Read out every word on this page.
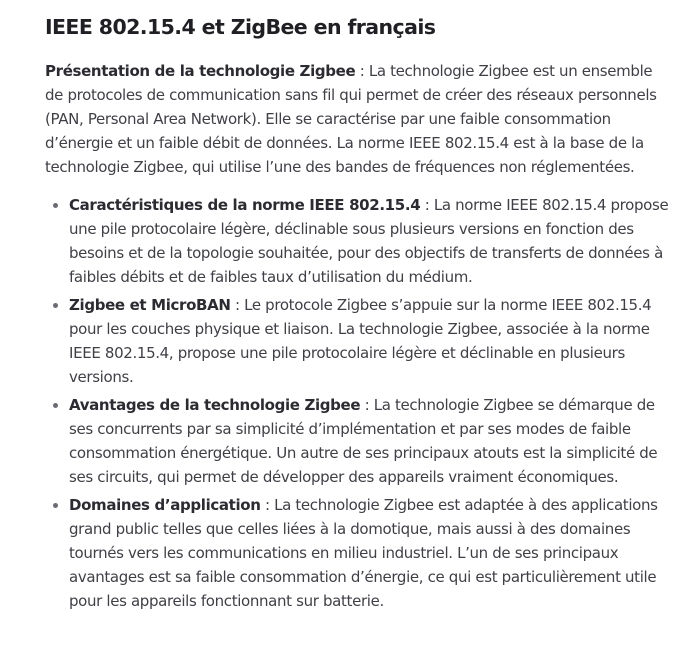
IEEE 802.15.4 et ZigBee en français

Présentation de la technologie Zigbee : La technologie Zigbee est un ensemble de protocoles de communication sans fil qui permet de créer des réseaux personnels (PAN, Personal Area Network). Elle se caractérise par une faible consommation d’énergie et un faible débit de données. La norme IEEE 802.15.4 est à la base de la technologie Zigbee, qui utilise l’une des bandes de fréquences non réglementées.

Caractéristiques de la norme IEEE 802.15.4 : La norme IEEE 802.15.4 propose une pile protocolaire légère, déclinable sous plusieurs versions en fonction des besoins et de la topologie souhaitée, pour des objectifs de transferts de données à faibles débits et de faibles taux d’utilisation du médium.
Zigbee et MicroBAN : Le protocole Zigbee s’appuie sur la norme IEEE 802.15.4 pour les couches physique et liaison. La technologie Zigbee, associée à la norme IEEE 802.15.4, propose une pile protocolaire légère et déclinable en plusieurs versions.
Avantages de la technologie Zigbee : La technologie Zigbee se démarque de ses concurrents par sa simplicité d’implémentation et par ses modes de faible consommation énergétique. Un autre de ses principaux atouts est la simplicité de ses circuits, qui permet de développer des appareils vraiment économiques.
Domaines d’application : La technologie Zigbee est adaptée à des applications grand public telles que celles liées à la domotique, mais aussi à des domaines tournés vers les communications en milieu industriel. L’un de ses principaux avantages est sa faible consommation d’énergie, ce qui est particulièrement utile pour les appareils fonctionnant sur batterie.
